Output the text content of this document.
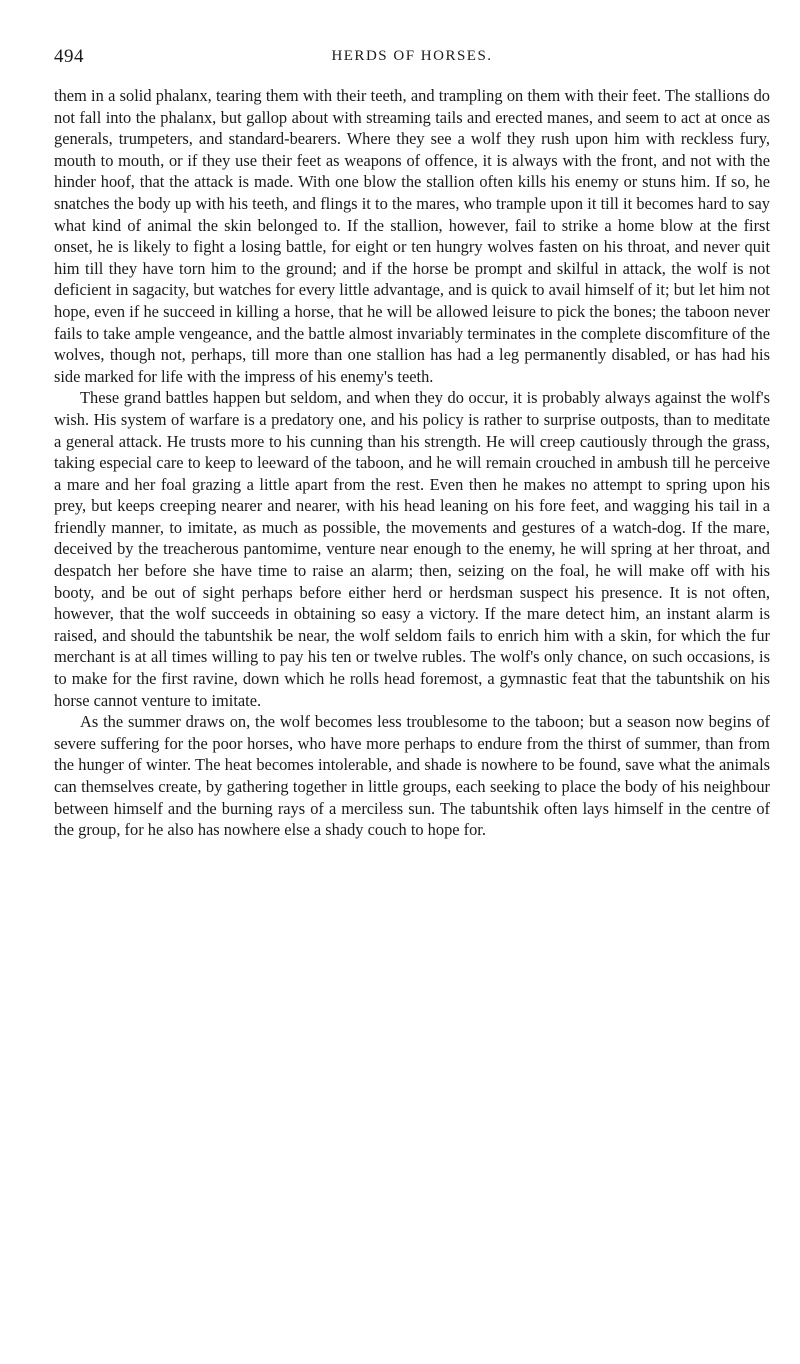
494	HERDS OF HORSES.

them in a solid phalanx, tearing them with their teeth, and trampling on them with their feet. The stallions do not fall into the phalanx, but gallop about with streaming tails and erected manes, and seem to act at once as generals, trumpeters, and standard-bearers. Where they see a wolf they rush upon him with reckless fury, mouth to mouth, or if they use their feet as weapons of offence, it is always with the front, and not with the hinder hoof, that the attack is made. With one blow the stallion often kills his enemy or stuns him. If so, he snatches the body up with his teeth, and flings it to the mares, who trample upon it till it becomes hard to say what kind of animal the skin belonged to. If the stallion, however, fail to strike a home blow at the first onset, he is likely to fight a losing battle, for eight or ten hungry wolves fasten on his throat, and never quit him till they have torn him to the ground; and if the horse be prompt and skilful in attack, the wolf is not deficient in sagacity, but watches for every little advantage, and is quick to avail himself of it; but let him not hope, even if he succeed in killing a horse, that he will be allowed leisure to pick the bones; the taboon never fails to take ample vengeance, and the battle almost invariably terminates in the complete discomfiture of the wolves, though not, perhaps, till more than one stallion has had a leg permanently disabled, or has had his side marked for life with the impress of his enemy's teeth.

These grand battles happen but seldom, and when they do occur, it is probably always against the wolf's wish. His system of warfare is a predatory one, and his policy is rather to surprise outposts, than to meditate a general attack. He trusts more to his cunning than his strength. He will creep cautiously through the grass, taking especial care to keep to leeward of the taboon, and he will remain crouched in ambush till he perceive a mare and her foal grazing a little apart from the rest. Even then he makes no attempt to spring upon his prey, but keeps creeping nearer and nearer, with his head leaning on his fore feet, and wagging his tail in a friendly manner, to imitate, as much as possible, the movements and gestures of a watch-dog. If the mare, deceived by the treacherous pantomime, venture near enough to the enemy, he will spring at her throat, and despatch her before she have time to raise an alarm; then, seizing on the foal, he will make off with his booty, and be out of sight perhaps before either herd or herdsman suspect his presence. It is not often, however, that the wolf succeeds in obtaining so easy a victory. If the mare detect him, an instant alarm is raised, and should the tabuntshik be near, the wolf seldom fails to enrich him with a skin, for which the fur merchant is at all times willing to pay his ten or twelve rubles. The wolf's only chance, on such occasions, is to make for the first ravine, down which he rolls head foremost, a gymnastic feat that the tabuntshik on his horse cannot venture to imitate.

As the summer draws on, the wolf becomes less troublesome to the taboon; but a season now begins of severe suffering for the poor horses, who have more perhaps to endure from the thirst of summer, than from the hunger of winter. The heat becomes intolerable, and shade is nowhere to be found, save what the animals can themselves create, by gathering together in little groups, each seeking to place the body of his neighbour between himself and the burning rays of a merciless sun. The tabuntshik often lays himself in the centre of the group, for he also has nowhere else a shady couch to hope for.
